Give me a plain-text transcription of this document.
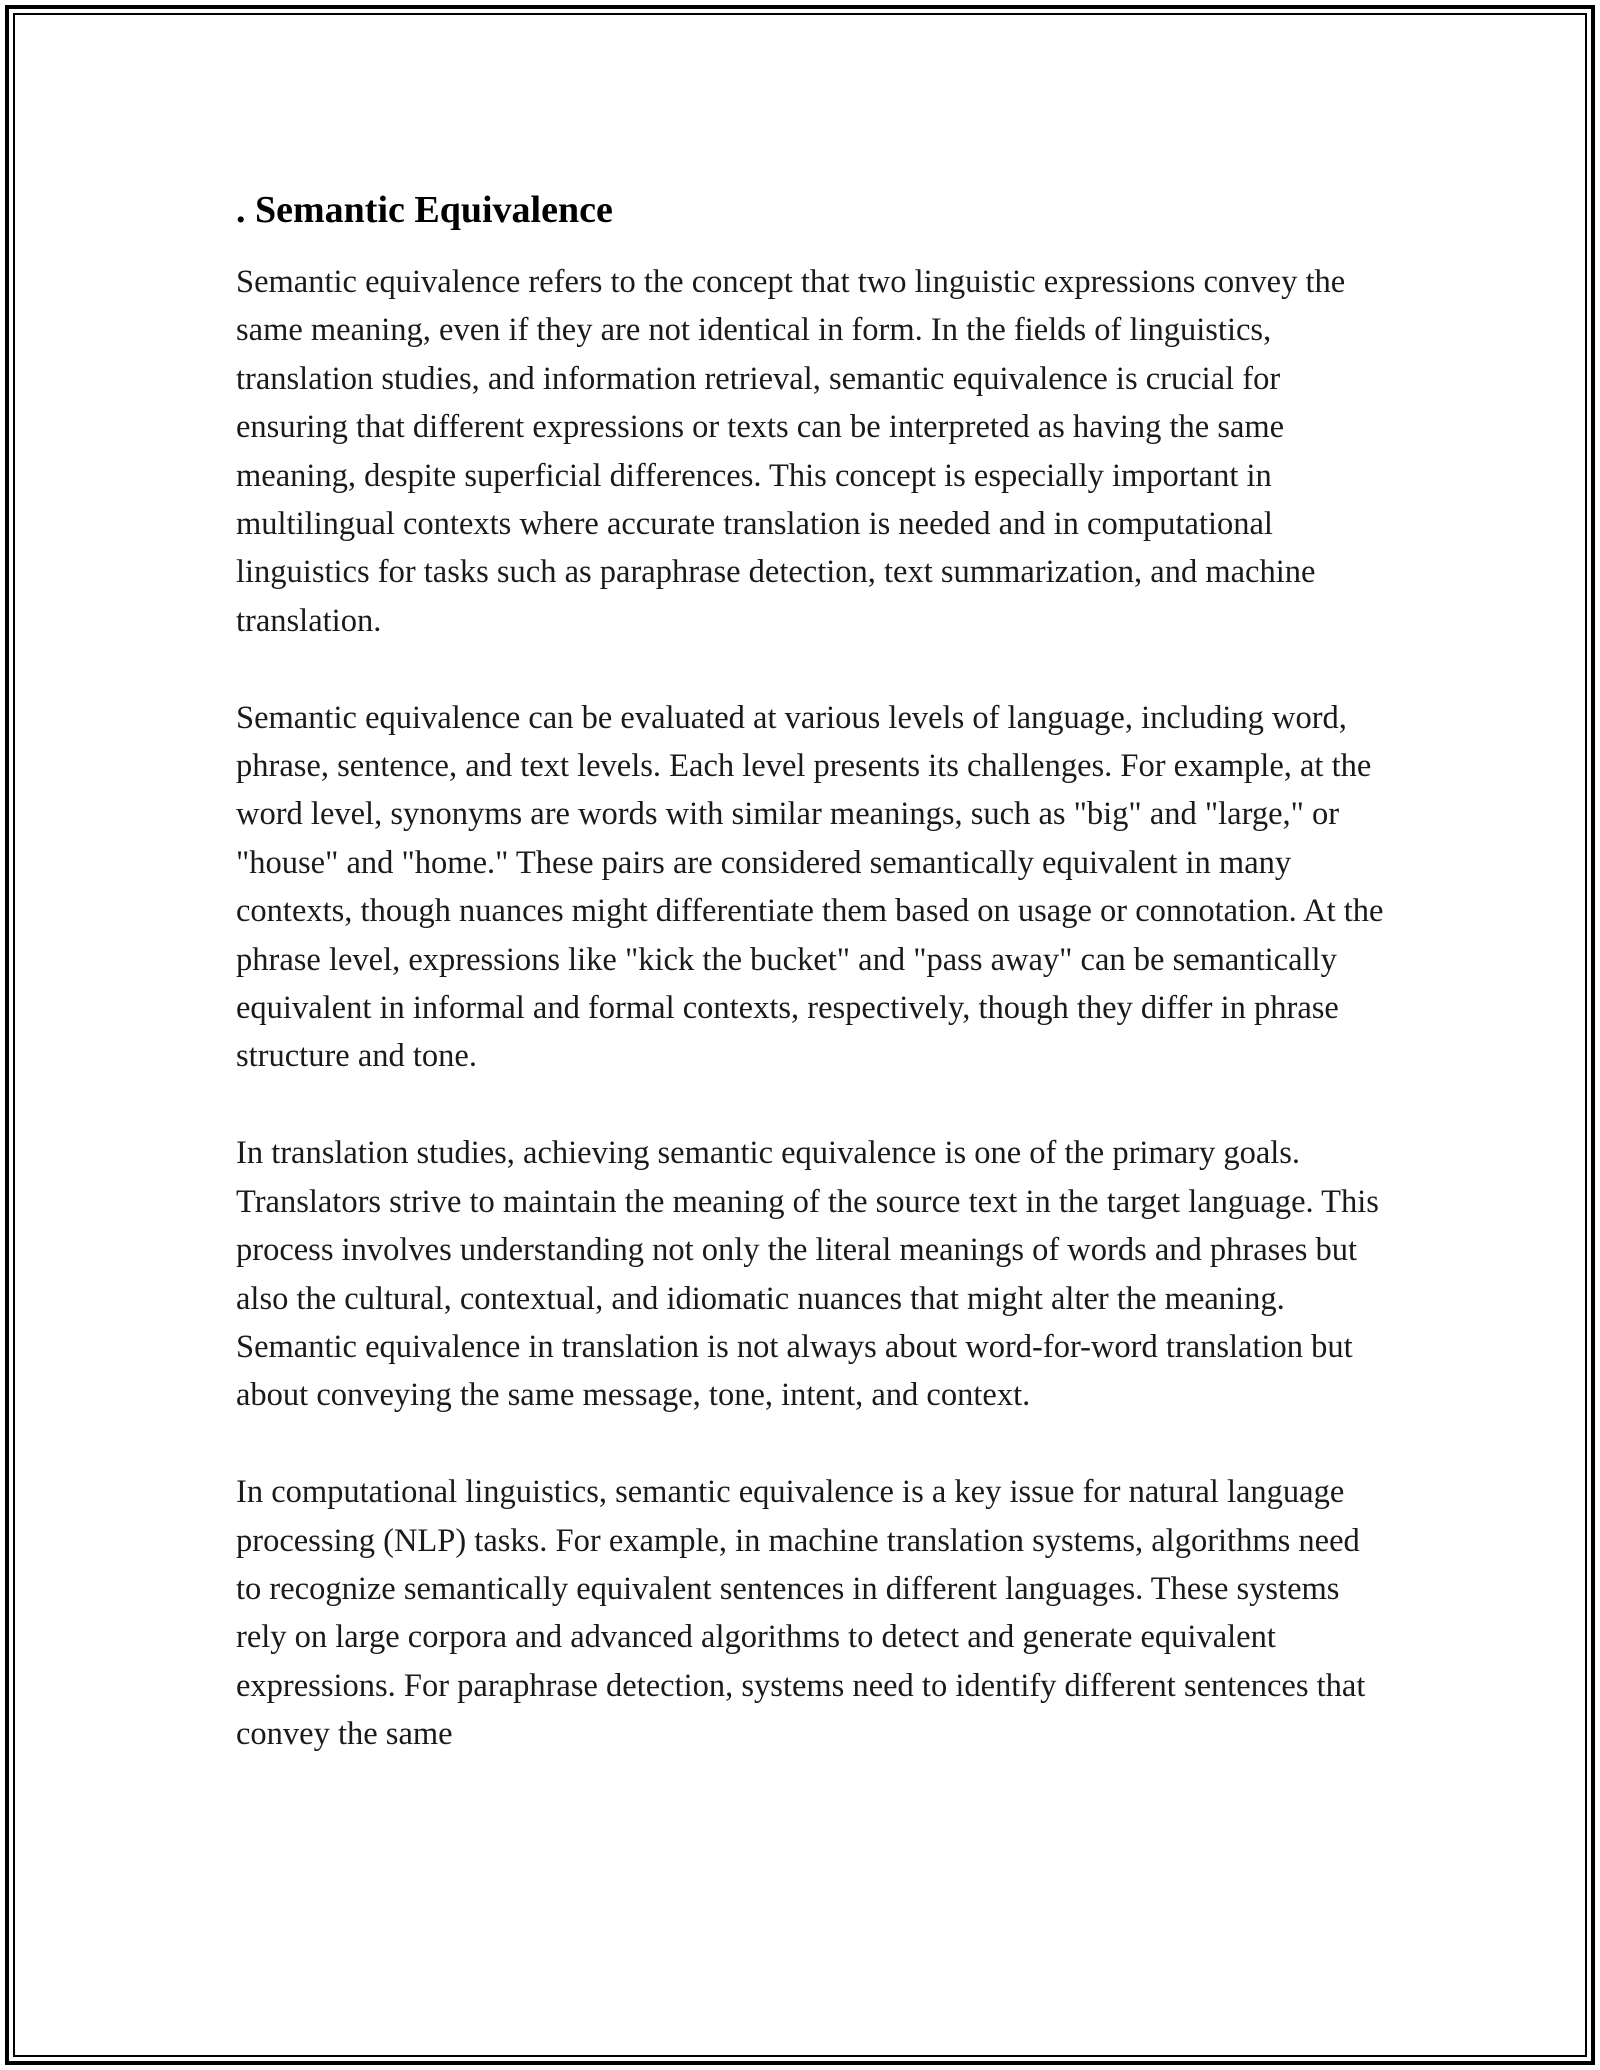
. Semantic Equivalence

Semantic equivalence refers to the concept that two linguistic expressions convey the same meaning, even if they are not identical in form. In the fields of linguistics, translation studies, and information retrieval, semantic equivalence is crucial for ensuring that different expressions or texts can be interpreted as having the same meaning, despite superficial differences. This concept is especially important in multilingual contexts where accurate translation is needed and in computational linguistics for tasks such as paraphrase detection, text summarization, and machine translation.

Semantic equivalence can be evaluated at various levels of language, including word, phrase, sentence, and text levels. Each level presents its challenges. For example, at the word level, synonyms are words with similar meanings, such as "big" and "large," or "house" and "home." These pairs are considered semantically equivalent in many contexts, though nuances might differentiate them based on usage or connotation. At the phrase level, expressions like "kick the bucket" and "pass away" can be semantically equivalent in informal and formal contexts, respectively, though they differ in phrase structure and tone.

In translation studies, achieving semantic equivalence is one of the primary goals. Translators strive to maintain the meaning of the source text in the target language. This process involves understanding not only the literal meanings of words and phrases but also the cultural, contextual, and idiomatic nuances that might alter the meaning. Semantic equivalence in translation is not always about word-for-word translation but about conveying the same message, tone, intent, and context.

In computational linguistics, semantic equivalence is a key issue for natural language processing (NLP) tasks. For example, in machine translation systems, algorithms need to recognize semantically equivalent sentences in different languages. These systems rely on large corpora and advanced algorithms to detect and generate equivalent expressions. For paraphrase detection, systems need to identify different sentences that convey the same
